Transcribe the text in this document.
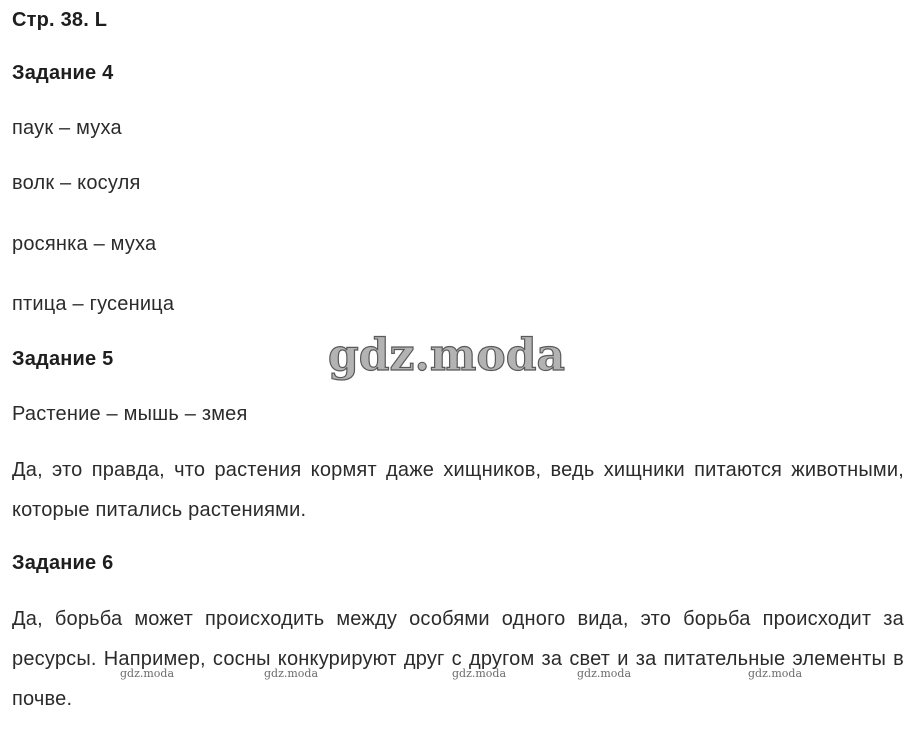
Стр. 38. L
Задание 4
паук – муха
волк – косуля
росянка – муха
птица – гусеница
Задание 5
Растение – мышь – змея

Да, это правда, что растения кормят даже хищников, ведь хищники питаются животными, которые питались растениями.

Задание 6

Да, борьба может происходить между особями одного вида, это борьба происходит за ресурсы. Например, сосны конкурируют друг с другом за свет и за питательные элементы в почве.

gdz.moda
gdz.moda	gdz.moda	gdz.moda	gdz.moda	gdz.moda
